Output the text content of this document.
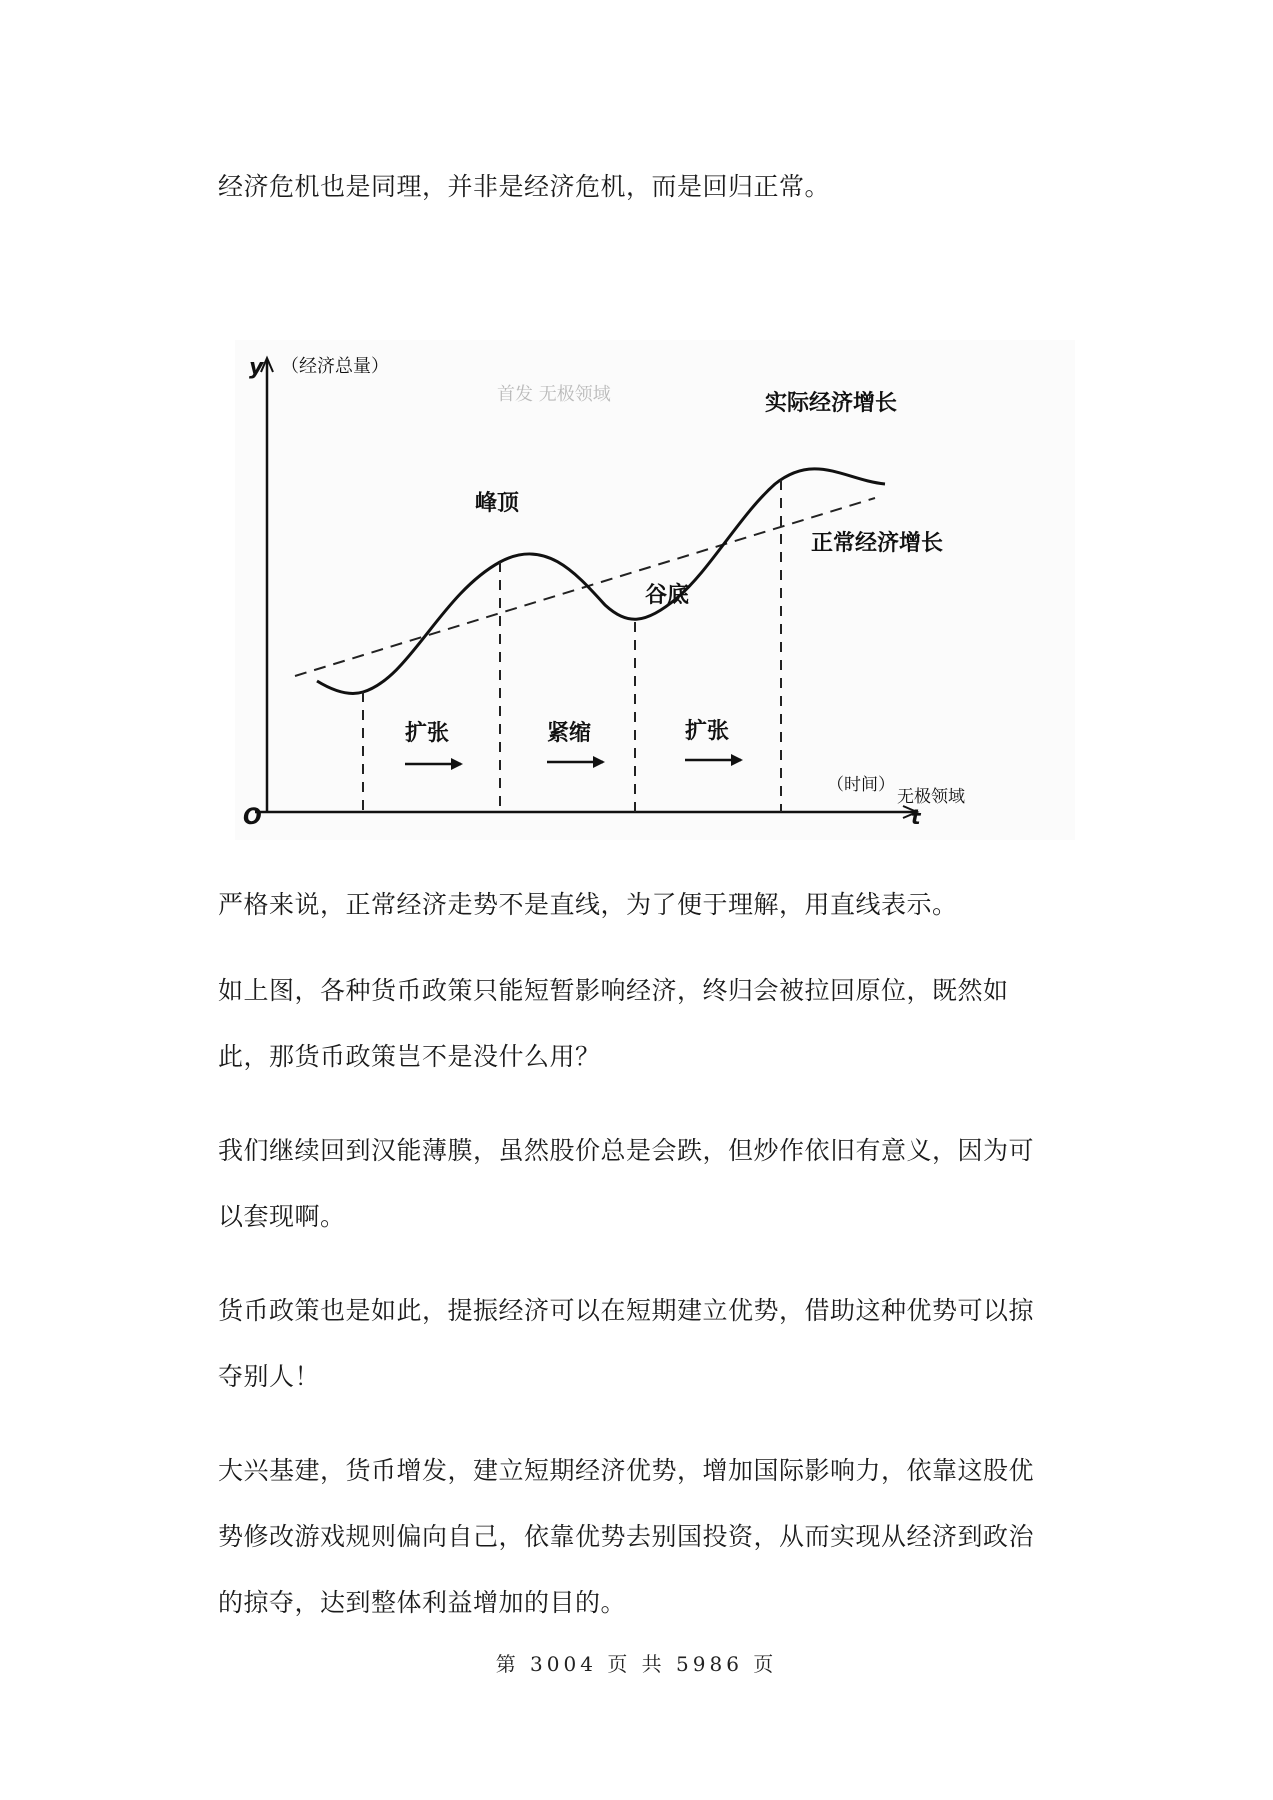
经济危机也是同理，并非是经济危机，而是回归正常。

y （经济总量）
首发 无极领域	实际经济增长
峰顶
正常经济增长
谷底
扩张	紧缩	扩张
（时间）
无极领域
O	t

严格来说，正常经济走势不是直线，为了便于理解，用直线表示。

如上图，各种货币政策只能短暂影响经济，终归会被拉回原位，既然如此，那货币政策岂不是没什么用？

我们继续回到汉能薄膜，虽然股价总是会跌，但炒作依旧有意义，因为可以套现啊。

货币政策也是如此，提振经济可以在短期建立优势，借助这种优势可以掠夺别人！

大兴基建，货币增发，建立短期经济优势，增加国际影响力，依靠这股优势修改游戏规则偏向自己，依靠优势去别国投资，从而实现从经济到政治的掠夺，达到整体利益增加的目的。

第 3004 页 共 5986 页
